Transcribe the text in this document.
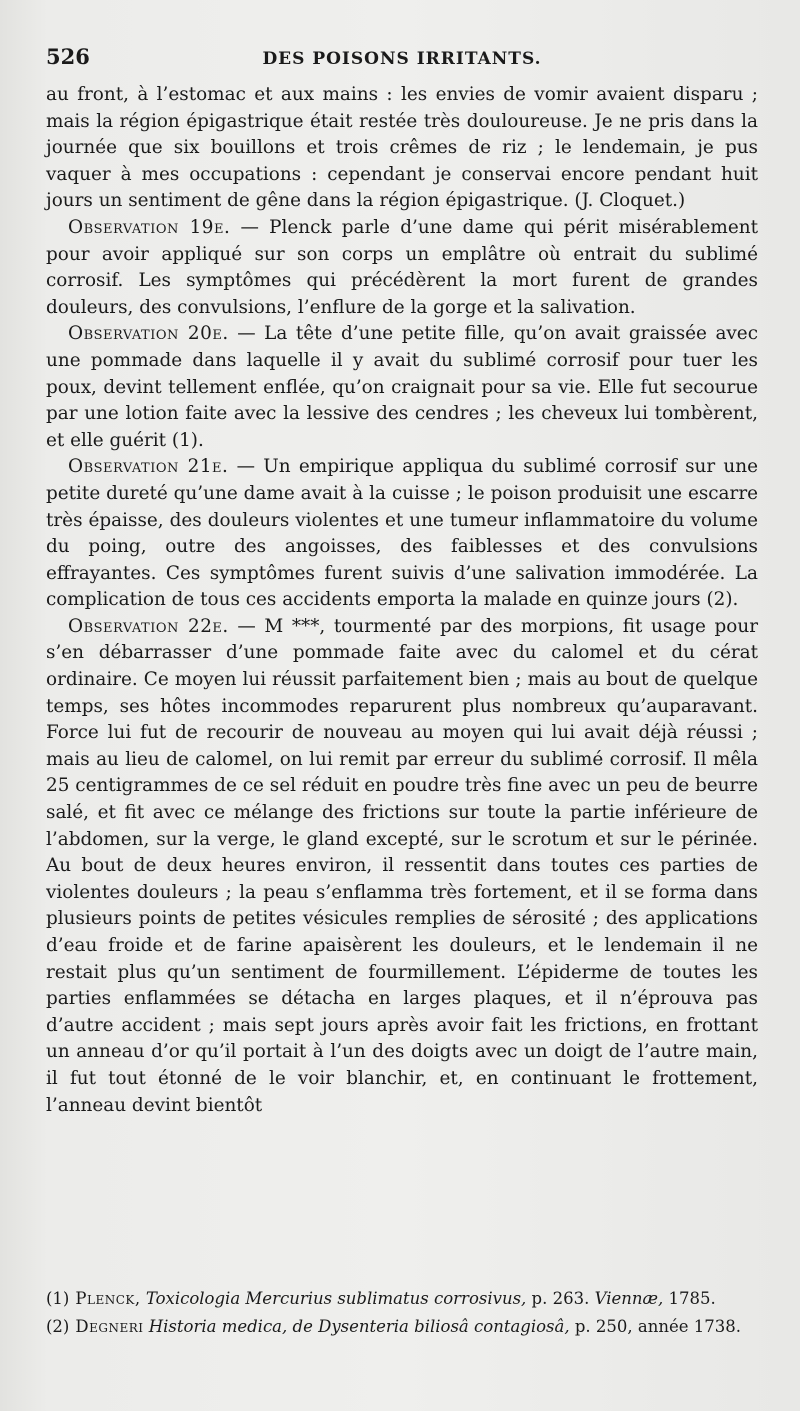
526	DES POISONS IRRITANTS.

au front, à l’estomac et aux mains : les envies de vomir avaient disparu ; mais la région épigastrique était restée très douloureuse. Je ne pris dans la journée que six bouillons et trois crêmes de riz ; le lendemain, je pus vaquer à mes occupations : cependant je conservai encore pendant huit jours un sentiment de gêne dans la région épigastrique. (J. Cloquet.)

Observation 19e. — Plenck parle d’une dame qui périt misérablement pour avoir appliqué sur son corps un emplâtre où entrait du sublimé corrosif. Les symptômes qui précédèrent la mort furent de grandes douleurs, des convulsions, l’enflure de la gorge et la salivation.

Observation 20e. — La tête d’une petite fille, qu’on avait graissée avec une pommade dans laquelle il y avait du sublimé corrosif pour tuer les poux, devint tellement enflée, qu’on craignait pour sa vie. Elle fut secourue par une lotion faite avec la lessive des cendres ; les cheveux lui tombèrent, et elle guérit (1).

Observation 21e. — Un empirique appliqua du sublimé corrosif sur une petite dureté qu’une dame avait à la cuisse ; le poison produisit une escarre très épaisse, des douleurs violentes et une tumeur inflammatoire du volume du poing, outre des angoisses, des faiblesses et des convulsions effrayantes. Ces symptômes furent suivis d’une salivation immodérée. La complication de tous ces accidents emporta la malade en quinze jours (2).

Observation 22e. — M ***, tourmenté par des morpions, fit usage pour s’en débarrasser d’une pommade faite avec du calomel et du cérat ordinaire. Ce moyen lui réussit parfaitement bien ; mais au bout de quelque temps, ses hôtes incommodes reparurent plus nombreux qu’auparavant. Force lui fut de recourir de nouveau au moyen qui lui avait déjà réussi ; mais au lieu de calomel, on lui remit par erreur du sublimé corrosif. Il mêla 25 centigrammes de ce sel réduit en poudre très fine avec un peu de beurre salé, et fit avec ce mélange des frictions sur toute la partie inférieure de l’abdomen, sur la verge, le gland excepté, sur le scrotum et sur le périnée. Au bout de deux heures environ, il ressentit dans toutes ces parties de violentes douleurs ; la peau s’enflamma très fortement, et il se forma dans plusieurs points de petites vésicules remplies de sérosité ; des applications d’eau froide et de farine apaisèrent les douleurs, et le lendemain il ne restait plus qu’un sentiment de fourmillement. L’épiderme de toutes les parties enflammées se détacha en larges plaques, et il n’éprouva pas d’autre accident ; mais sept jours après avoir fait les frictions, en frottant un anneau d’or qu’il portait à l’un des doigts avec un doigt de l’autre main, il fut tout étonné de le voir blanchir, et, en continuant le frottement, l’anneau devint bientôt

(1) Plenck, Toxicologia Mercurius sublimatus corrosivus, p. 263. Viennæ, 1785.

(2) Degneri Historia medica, de Dysenteria biliosâ contagiosâ, p. 250, année 1738.
